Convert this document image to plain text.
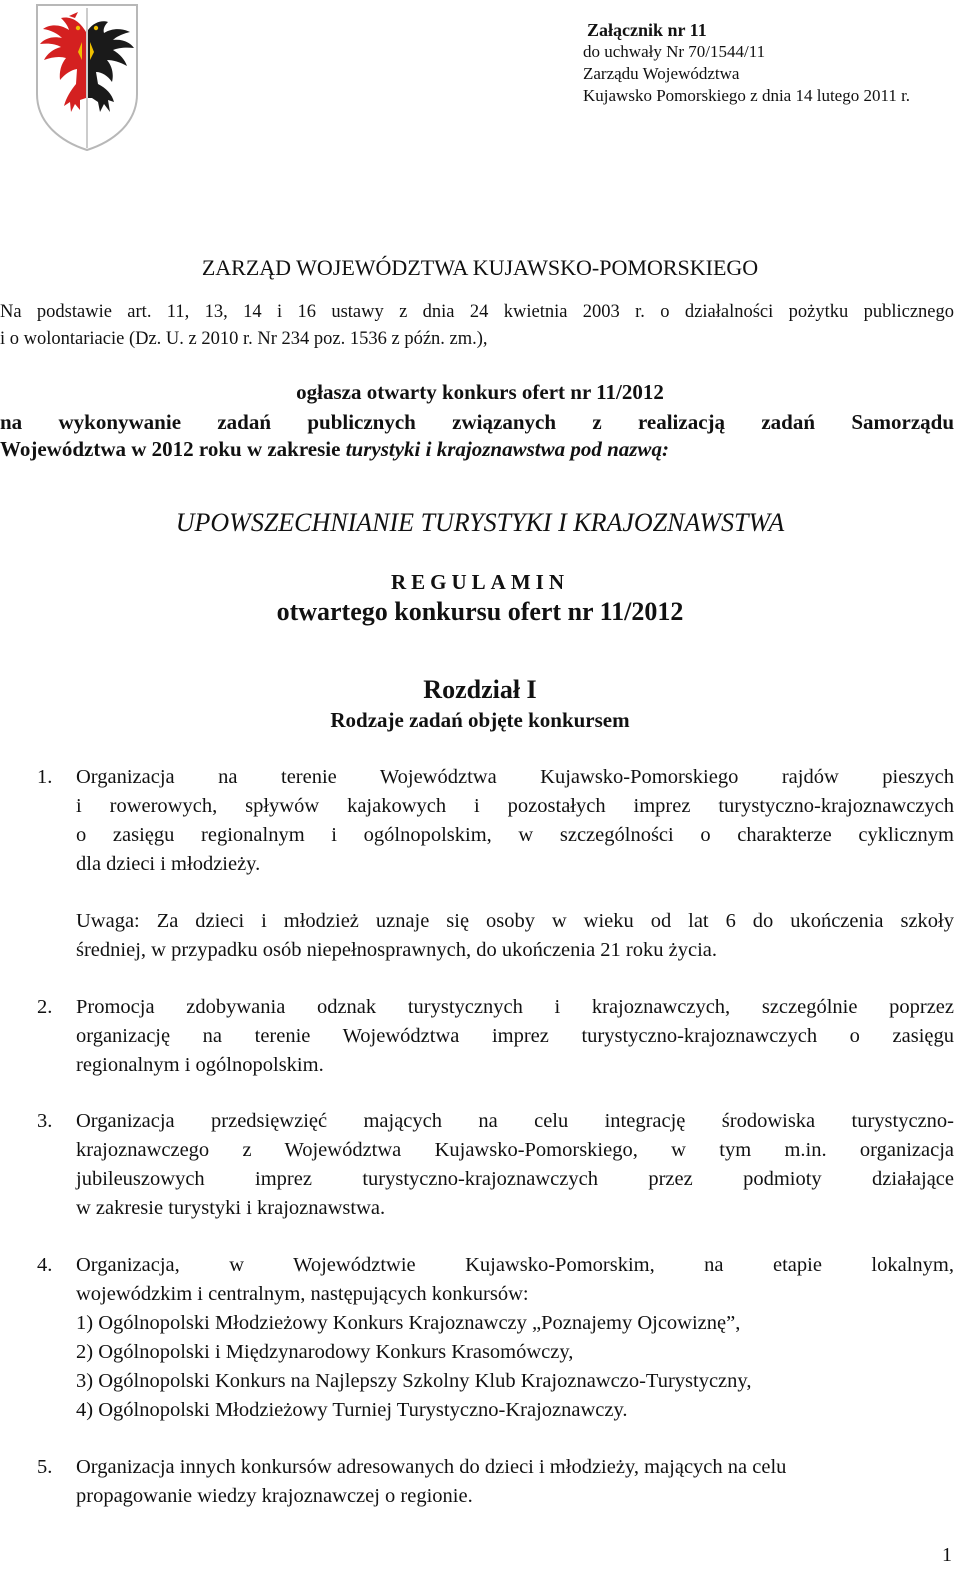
Załącznik nr 11
do uchwały Nr 70/1544/11
Zarządu Województwa
Kujawsko Pomorskiego z dnia 14 lutego 2011 r.
ZARZĄD WOJEWÓDZTWA KUJAWSKO-POMORSKIEGO
Na podstawie art. 11, 13, 14 i 16 ustawy z dnia 24 kwietnia 2003 r. o działalności pożytku publicznego
i o wolontariacie (Dz. U. z 2010 r. Nr 234 poz. 1536 z późn. zm.),
ogłasza otwarty konkurs ofert nr 11/2012
na wykonywanie zadań publicznych związanych z realizacją zadań Samorządu
Województwa w 2012 roku w zakresie turystyki i krajoznawstwa pod nazwą:
UPOWSZECHNIANIE TURYSTYKI I KRAJOZNAWSTWA
REGULAMIN
otwartego konkursu ofert nr 11/2012
Rozdział I
Rodzaje zadań objęte konkursem
1. Organizacja na terenie Województwa Kujawsko-Pomorskiego rajdów pieszych
i rowerowych, spływów kajakowych i pozostałych imprez turystyczno-krajoznawczych
o zasięgu regionalnym i ogólnopolskim, w szczególności o charakterze cyklicznym
dla dzieci i młodzieży.
Uwaga: Za dzieci i młodzież uznaje się osoby w wieku od lat 6 do ukończenia szkoły
średniej, w przypadku osób niepełnosprawnych, do ukończenia 21 roku życia.
2. Promocja zdobywania odznak turystycznych i krajoznawczych, szczególnie poprzez
organizację na terenie Województwa imprez turystyczno-krajoznawczych o zasięgu
regionalnym i ogólnopolskim.
3. Organizacja przedsięwzięć mających na celu integrację środowiska turystyczno-
krajoznawczego z Województwa Kujawsko-Pomorskiego, w tym m.in. organizacja
jubileuszowych imprez turystyczno-krajoznawczych przez podmioty działające
w zakresie turystyki i krajoznawstwa.
4. Organizacja, w Województwie Kujawsko-Pomorskim, na etapie lokalnym,
wojewódzkim i centralnym, następujących konkursów:
1) Ogólnopolski Młodzieżowy Konkurs Krajoznawczy „Poznajemy Ojcowiznę”,
2) Ogólnopolski i Międzynarodowy Konkurs Krasomówczy,
3) Ogólnopolski Konkurs na Najlepszy Szkolny Klub Krajoznawczo-Turystyczny,
4) Ogólnopolski Młodzieżowy Turniej Turystyczno-Krajoznawczy.
5. Organizacja innych konkursów adresowanych do dzieci i młodzieży, mających na celu
propagowanie wiedzy krajoznawczej o regionie.
1
